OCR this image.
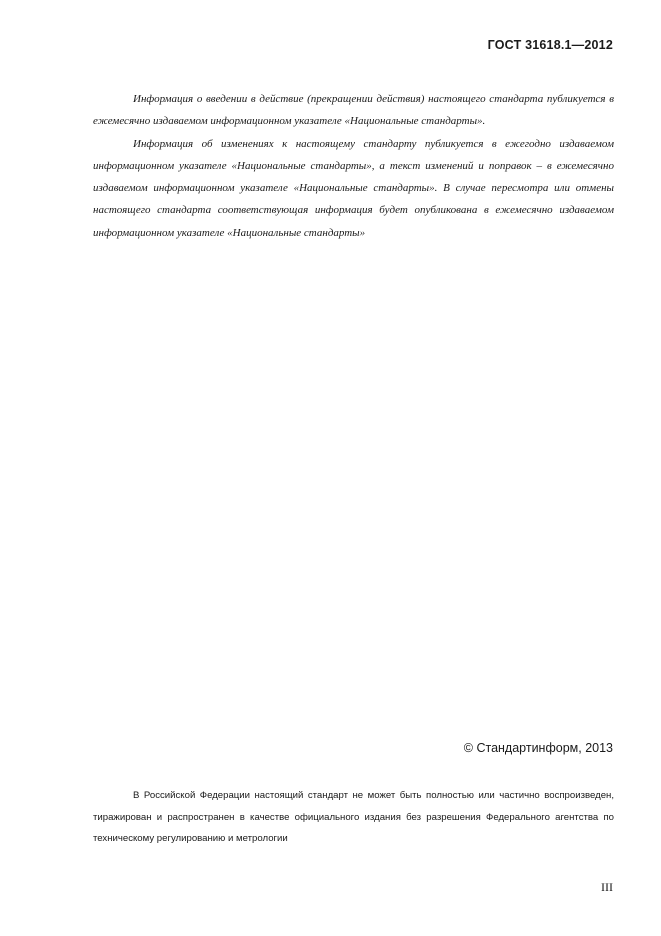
ГОСТ 31618.1—2012

Информация о введении в действие (прекращении действия) настоящего стандарта публикуется в ежемесячно издаваемом информационном указателе «Национальные стандарты».

Информация об изменениях к настоящему стандарту публикуется в ежегодно издаваемом информационном указателе «Национальные стандарты», а текст изменений и поправок – в ежемесячно издаваемом информационном указателе «Национальные стандарты». В случае пересмотра или отмены настоящего стандарта соответствующая информация будет опубликована в ежемесячно издаваемом информационном указателе «Национальные стандарты»

© Стандартинформ, 2013

В Российской Федерации настоящий стандарт не может быть полностью или частично воспроизведен, тиражирован и распространен в качестве официального издания без разрешения Федерального агентства по техническому регулированию и метрологии

III
